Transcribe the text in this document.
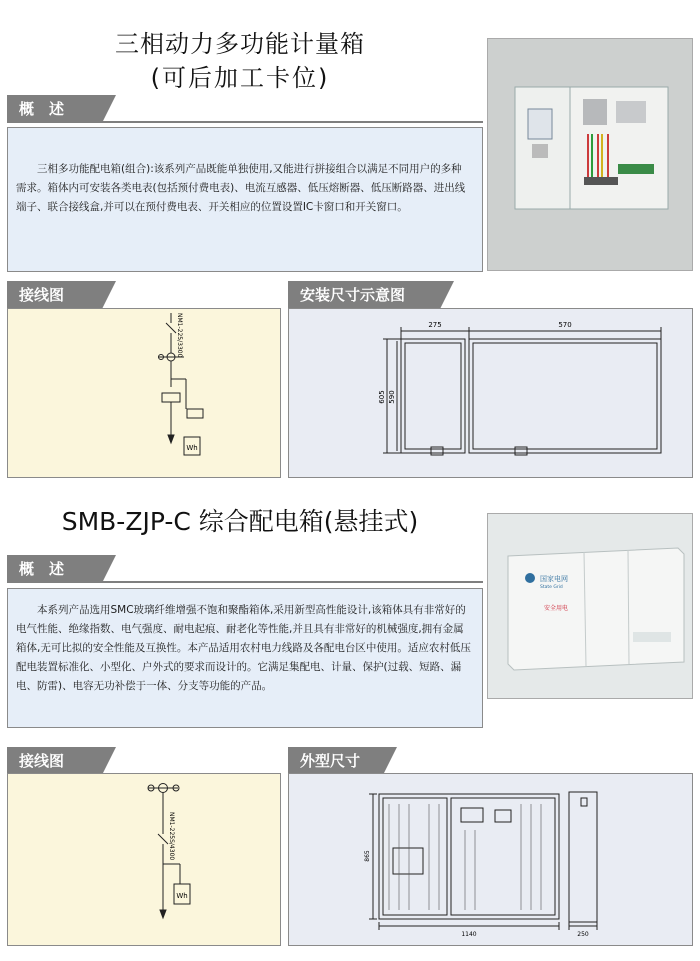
三相动力多功能计量箱
(可后加工卡位)
概　述

三相多功能配电箱(组合):该系列产品既能单独使用,又能进行拼接组合以满足不同用户的多种需求。箱体内可安装各类电表(包括预付费电表)、电流互感器、低压熔断器、低压断路器、进出线端子、联合接线盒,并可以在预付费电表、开关相应的位置设置IC卡窗口和开关窗口。

接线图	安装尺寸示意图
Wh
NM1-225/3300	275	570
605 590
SMB-ZJP-C 综合配电箱(悬挂式)
国家电网
State Grid
安全用电
概　述

本系列产品选用SMC玻璃纤维增强不饱和聚酯箱体,采用新型高性能设计,该箱体具有非常好的电气性能、绝缘指数、电气强度、耐电起痕、耐老化等性能,并且具有非常好的机械强度,拥有金属箱体,无可比拟的安全性能及互换性。本产品适用农村电力线路及各配电台区中使用。适应农村低压配电装置标准化、小型化、户外式的要求而设计的。它满足集配电、计量、保护(过载、短路、漏电、防雷)、电容无功补偿于一体、分支等功能的产品。

接线图	外型尺寸
Wh
NM1-225S/4300	865
1140	250
